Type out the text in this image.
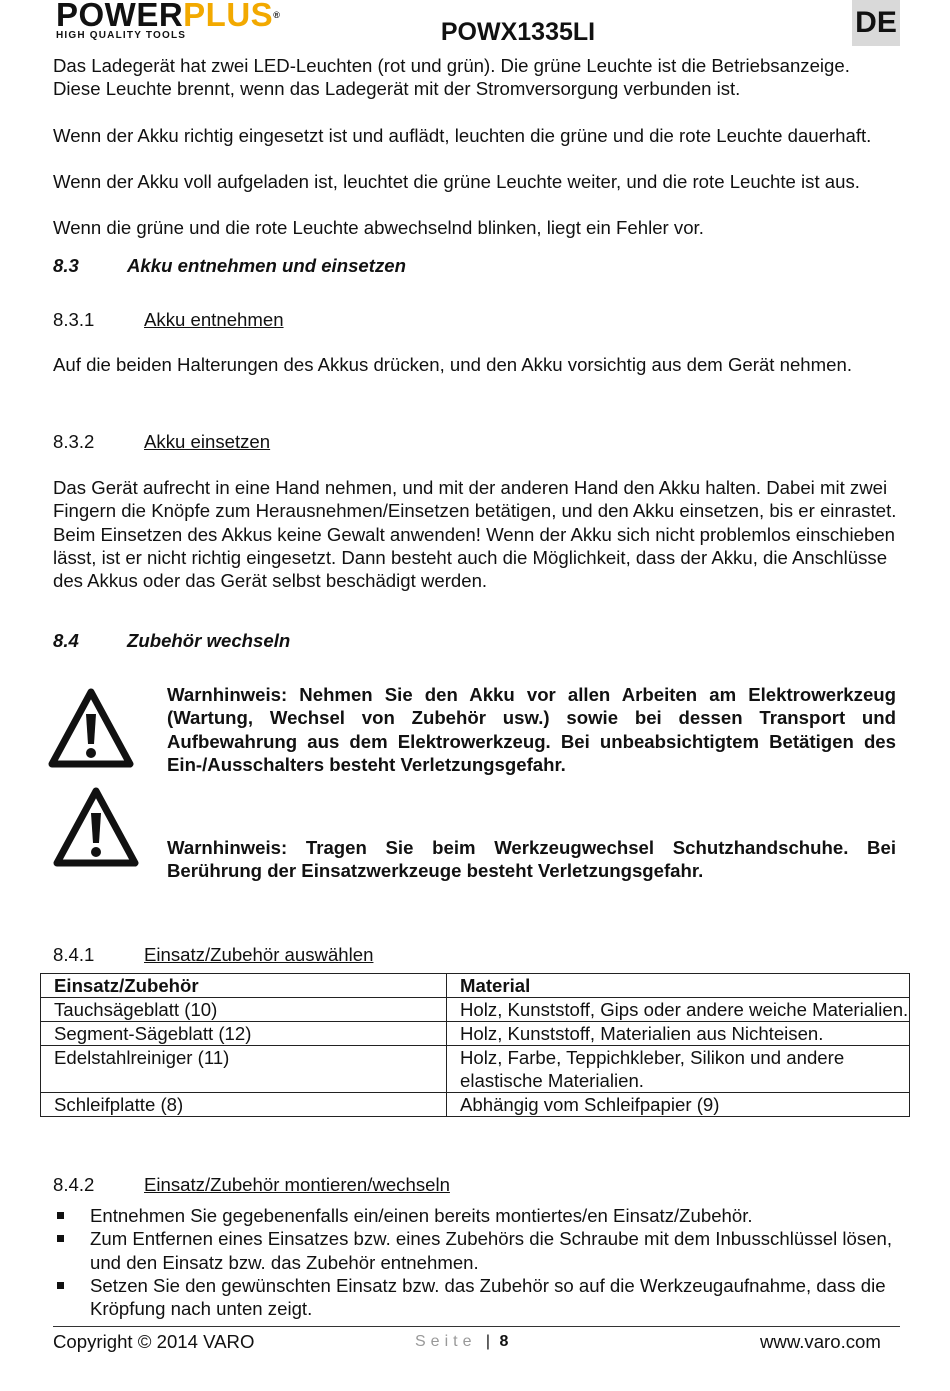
POWERPLUS®
HIGH QUALITY TOOLS	POWX1335LI	DE

Das Ladegerät hat zwei LED-Leuchten (rot und grün). Die grüne Leuchte ist die Betriebsanzeige. Diese Leuchte brennt, wenn das Ladegerät mit der Stromversorgung verbunden ist.

Wenn der Akku richtig eingesetzt ist und auflädt, leuchten die grüne und die rote Leuchte dauerhaft.

Wenn der Akku voll aufgeladen ist, leuchtet die grüne Leuchte weiter, und die rote Leuchte ist aus.

Wenn die grüne und die rote Leuchte abwechselnd blinken, liegt ein Fehler vor.

8.3	Akku entnehmen und einsetzen
8.3.1	Akku entnehmen

Auf die beiden Halterungen des Akkus drücken, und den Akku vorsichtig aus dem Gerät nehmen.

8.3.2	Akku einsetzen

Das Gerät aufrecht in eine Hand nehmen, und mit der anderen Hand den Akku halten. Dabei mit zwei Fingern die Knöpfe zum Herausnehmen/Einsetzen betätigen, und den Akku einsetzen, bis er einrastet. Beim Einsetzen des Akkus keine Gewalt anwenden! Wenn der Akku sich nicht problemlos einschieben lässt, ist er nicht richtig eingesetzt. Dann besteht auch die Möglichkeit, dass der Akku, die Anschlüsse des Akkus oder das Gerät selbst beschädigt werden.

8.4	Zubehör wechseln

Warnhinweis: Nehmen Sie den Akku vor allen Arbeiten am Elektrowerkzeug (Wartung, Wechsel von Zubehör usw.) sowie bei dessen Transport und Aufbewahrung aus dem Elektrowerkzeug. Bei unbeabsichtigtem Betätigen des Ein-/Ausschalters besteht Verletzungsgefahr.

Warnhinweis: Tragen Sie beim Werkzeugwechsel Schutzhandschuhe. Bei Berührung der Einsatzwerkzeuge besteht Verletzungsgefahr.

8.4.1	Einsatz/Zubehör auswählen
Einsatz/Zubehör	Material
Tauchsägeblatt (10)	Holz, Kunststoff, Gips oder andere weiche Materialien.
Segment-Sägeblatt (12)	Holz, Kunststoff, Materialien aus Nichteisen.
Edelstahlreiniger (11)	Holz, Farbe, Teppichkleber, Silikon und andere elastische Materialien.
Schleifplatte (8)	Abhängig vom Schleifpapier (9)
8.4.2	Einsatz/Zubehör montieren/wechseln
Entnehmen Sie gegebenenfalls ein/einen bereits montiertes/en Einsatz/Zubehör.
Zum Entfernen eines Einsatzes bzw. eines Zubehörs die Schraube mit dem Inbusschlüssel lösen, und den Einsatz bzw. das Zubehör entnehmen.
Setzen Sie den gewünschten Einsatz bzw. das Zubehör so auf die Werkzeugaufnahme, dass die Kröpfung nach unten zeigt.
Copyright © 2014 VARO	Seite | 8	www.varo.com
